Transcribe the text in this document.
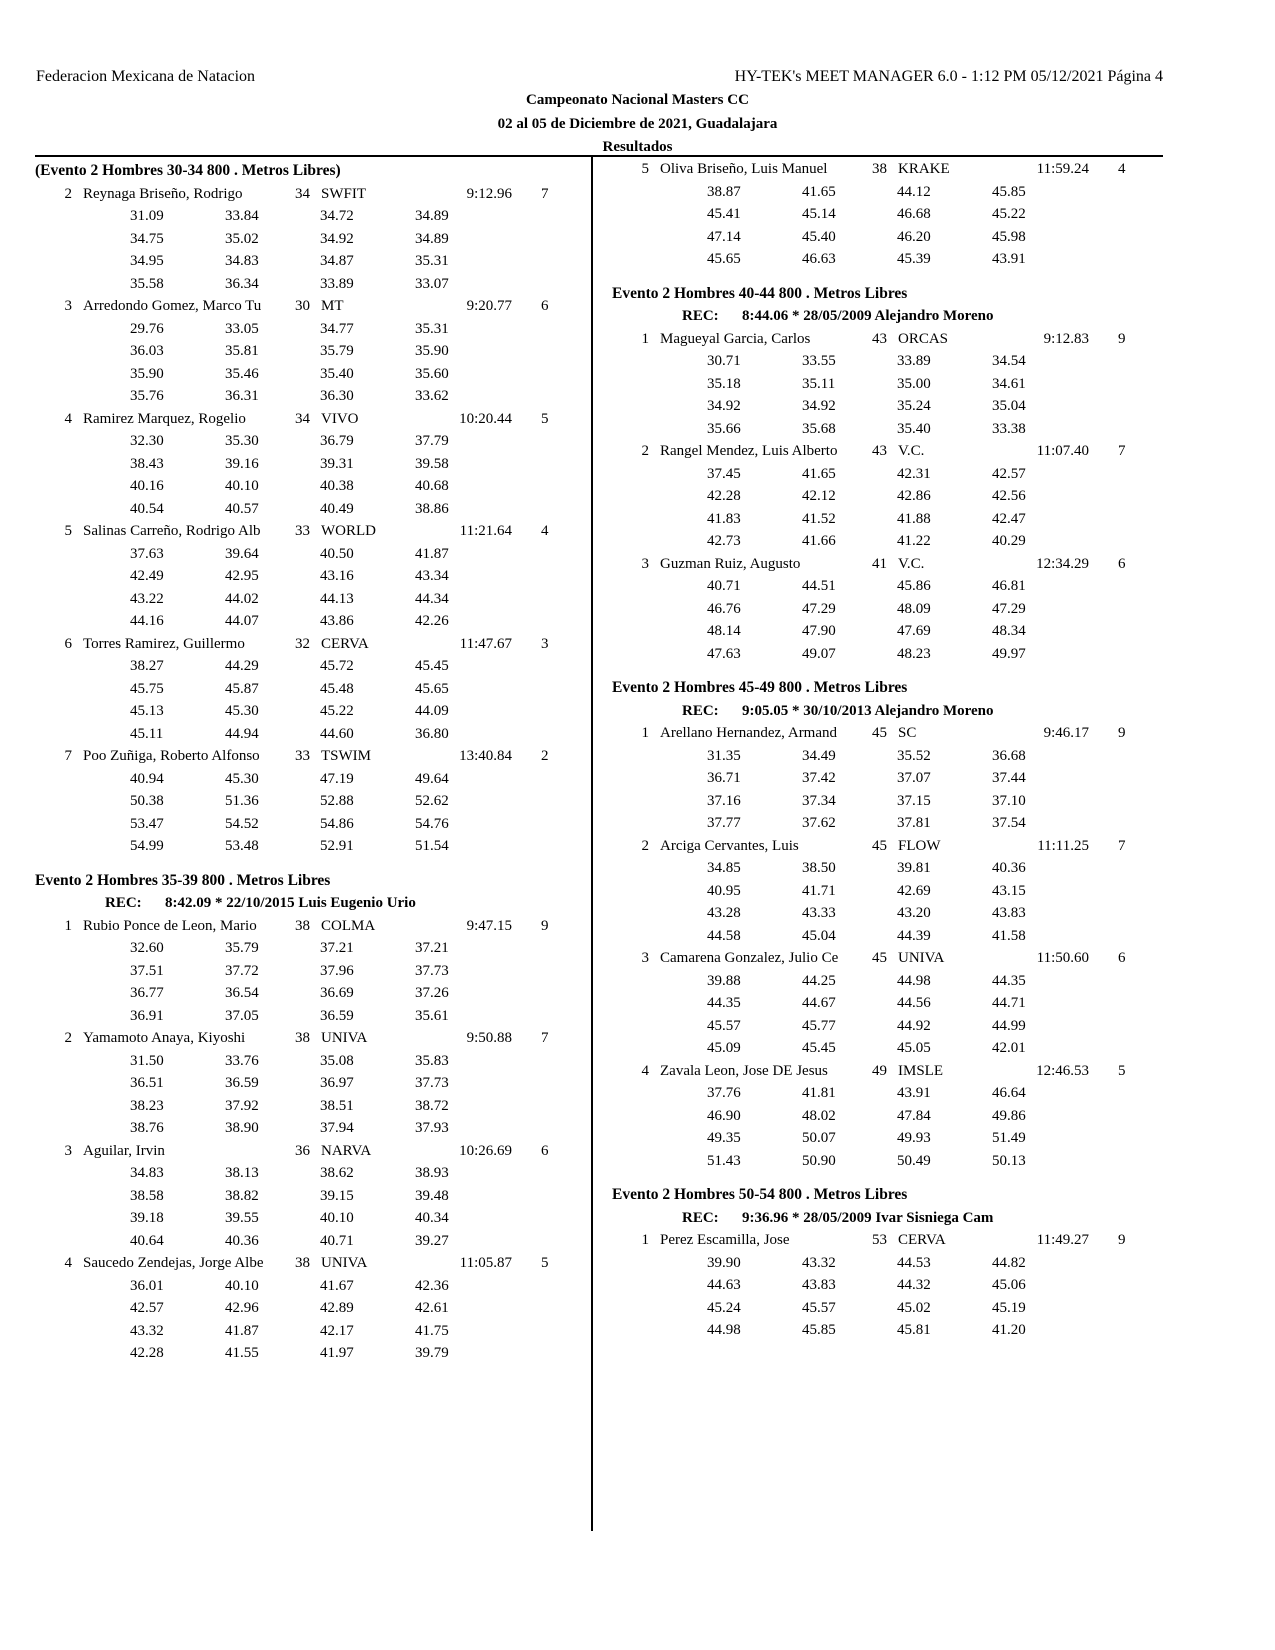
Federacion Mexicana de Natacion	HY-TEK's MEET MANAGER 6.0 - 1:12 PM 05/12/2021 Página 4
Campeonato Nacional Masters CC
02 al 05 de Diciembre de 2021, Guadalajara
Resultados
(Evento 2 Hombres 30-34 800 . Metros Libres)
2 Reynaga Briseño, Rodrigo	34 SWFIT	9:12.96 7
31.09	33.84	34.72	34.89
34.75	35.02	34.92	34.89
34.95	34.83	34.87	35.31
35.58	36.34	33.89	33.07
3 Arredondo Gomez, Marco Tu	30 MT	9:20.77 6
29.76	33.05	34.77	35.31
36.03	35.81	35.79	35.90
35.90	35.46	35.40	35.60
35.76	36.31	36.30	33.62
4 Ramirez Marquez, Rogelio	34 VIVO	10:20.44 5
32.30	35.30	36.79	37.79
38.43	39.16	39.31	39.58
40.16	40.10	40.38	40.68
40.54	40.57	40.49	38.86
5 Salinas Carreño, Rodrigo Alb	33 WORLD	11:21.64 4
37.63	39.64	40.50	41.87
42.49	42.95	43.16	43.34
43.22	44.02	44.13	44.34
44.16	44.07	43.86	42.26
6 Torres Ramirez, Guillermo	32 CERVA	11:47.67 3
38.27	44.29	45.72	45.45
45.75	45.87	45.48	45.65
45.13	45.30	45.22	44.09
45.11	44.94	44.60	36.80
7 Poo Zuñiga, Roberto Alfonso	33 TSWIM	13:40.84 2
40.94	45.30	47.19	49.64
50.38	51.36	52.88	52.62
53.47	54.52	54.86	54.76
54.99	53.48	52.91	51.54
Evento 2 Hombres 35-39 800 . Metros Libres
REC: 8:42.09 * 22/10/2015 Luis Eugenio Urio
1 Rubio Ponce de Leon, Mario	38 COLMA	9:47.15 9
32.60	35.79	37.21	37.21
37.51	37.72	37.96	37.73
36.77	36.54	36.69	37.26
36.91	37.05	36.59	35.61
2 Yamamoto Anaya, Kiyoshi	38 UNIVA	9:50.88 7
31.50	33.76	35.08	35.83
36.51	36.59	36.97	37.73
38.23	37.92	38.51	38.72
38.76	38.90	37.94	37.93
3 Aguilar, Irvin	36 NARVA	10:26.69 6
34.83	38.13	38.62	38.93
38.58	38.82	39.15	39.48
39.18	39.55	40.10	40.34
40.64	40.36	40.71	39.27
4 Saucedo Zendejas, Jorge Albe	38 UNIVA	11:05.87 5
36.01	40.10	41.67	42.36
42.57	42.96	42.89	42.61
43.32	41.87	42.17	41.75
42.28	41.55	41.97	39.79
5 Oliva Briseño, Luis Manuel	38 KRAKE	11:59.24 4
38.87	41.65	44.12	45.85
45.41	45.14	46.68	45.22
47.14	45.40	46.20	45.98
45.65	46.63	45.39	43.91
Evento 2 Hombres 40-44 800 . Metros Libres
REC: 8:44.06 * 28/05/2009 Alejandro Moreno
1 Magueyal Garcia, Carlos	43 ORCAS	9:12.83 9
30.71	33.55	33.89	34.54
35.18	35.11	35.00	34.61
34.92	34.92	35.24	35.04
35.66	35.68	35.40	33.38
2 Rangel Mendez, Luis Alberto	43 V.C.	11:07.40 7
37.45	41.65	42.31	42.57
42.28	42.12	42.86	42.56
41.83	41.52	41.88	42.47
42.73	41.66	41.22	40.29
3 Guzman Ruiz, Augusto	41 V.C.	12:34.29 6
40.71	44.51	45.86	46.81
46.76	47.29	48.09	47.29
48.14	47.90	47.69	48.34
47.63	49.07	48.23	49.97
Evento 2 Hombres 45-49 800 . Metros Libres
REC: 9:05.05 * 30/10/2013 Alejandro Moreno
1 Arellano Hernandez, Armand	45 SC	9:46.17 9
31.35	34.49	35.52	36.68
36.71	37.42	37.07	37.44
37.16	37.34	37.15	37.10
37.77	37.62	37.81	37.54
2 Arciga Cervantes, Luis	45 FLOW	11:11.25 7
34.85	38.50	39.81	40.36
40.95	41.71	42.69	43.15
43.28	43.33	43.20	43.83
44.58	45.04	44.39	41.58
3 Camarena Gonzalez, Julio Ce	45 UNIVA	11:50.60 6
39.88	44.25	44.98	44.35
44.35	44.67	44.56	44.71
45.57	45.77	44.92	44.99
45.09	45.45	45.05	42.01
4 Zavala Leon, Jose DE Jesus	49 IMSLE	12:46.53 5
37.76	41.81	43.91	46.64
46.90	48.02	47.84	49.86
49.35	50.07	49.93	51.49
51.43	50.90	50.49	50.13
Evento 2 Hombres 50-54 800 . Metros Libres
REC: 9:36.96 * 28/05/2009 Ivar Sisniega Cam
1 Perez Escamilla, Jose	53 CERVA	11:49.27 9
39.90	43.32	44.53	44.82
44.63	43.83	44.32	45.06
45.24	45.57	45.02	45.19
44.98	45.85	45.81	41.20
